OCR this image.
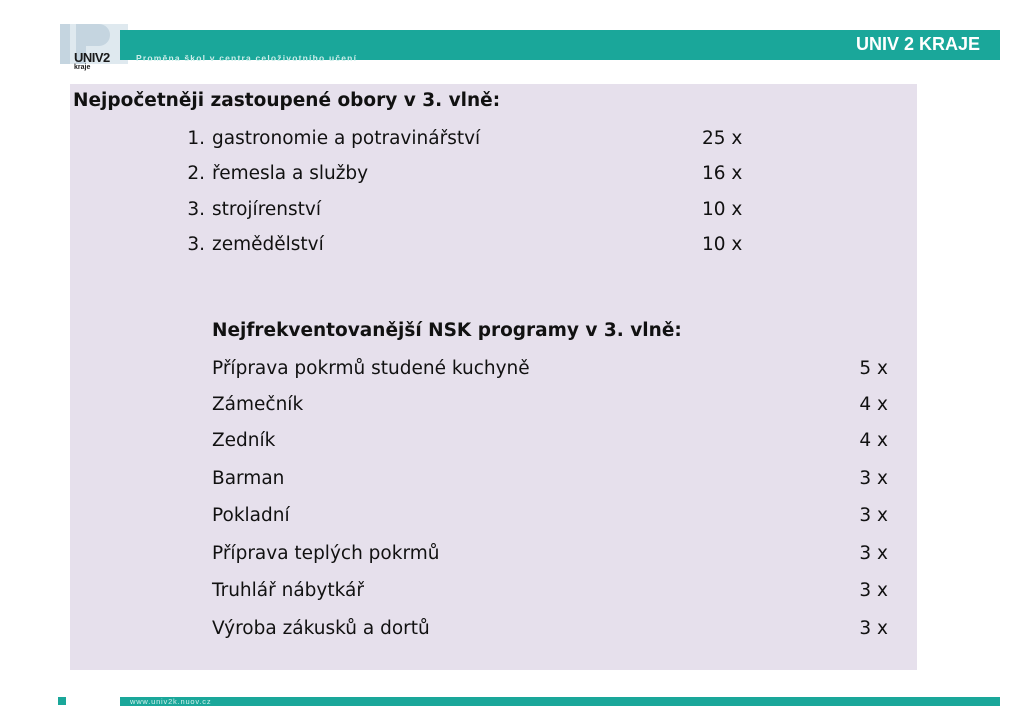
Proměna škol v centra celoživotního učení
UNIV 2 KRAJE
UNIV2
kraje
Nejpočetněji zastoupené obory v 3. vlně:
1. gastronomie a potravinářství	25 x
2. řemesla a služby	16 x
3. strojírenství	10 x
3. zemědělství	10 x
Nejfrekventovanější NSK programy v 3. vlně:
Příprava pokrmů studené kuchyně	5 x
Zámečník	4 x
Zedník	4 x
Barman	3 x
Pokladní	3 x
Příprava teplých pokrmů	3 x
Truhlář nábytkář	3 x
Výroba zákusků a dortů	3 x
www.univ2k.nuov.cz
